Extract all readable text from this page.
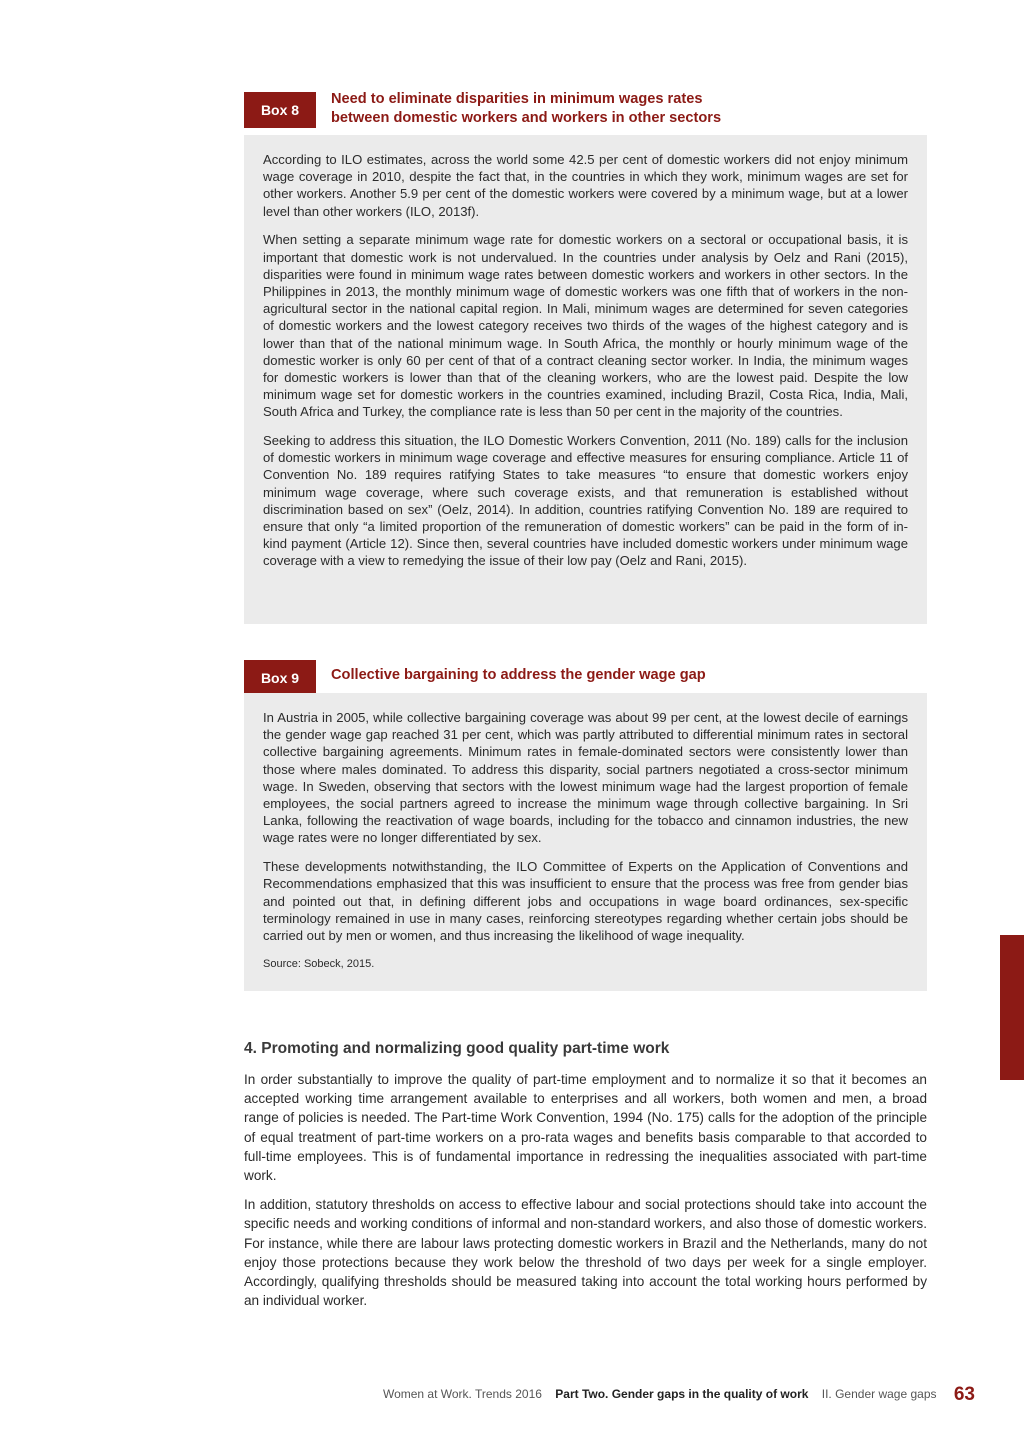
Box 8
Need to eliminate disparities in minimum wages rates
between domestic workers and workers in other sectors

According to ILO estimates, across the world some 42.5 per cent of domestic workers did not enjoy minimum wage coverage in 2010, despite the fact that, in the countries in which they work, minimum wages are set for other workers. Another 5.9 per cent of the domestic workers were covered by a minimum wage, but at a lower level than other workers (ILO, 2013f).

When setting a separate minimum wage rate for domestic workers on a sectoral or occupational basis, it is important that domestic work is not undervalued. In the countries under analysis by Oelz and Rani (2015), disparities were found in minimum wage rates between domestic workers and workers in other sectors. In the Philippines in 2013, the monthly minimum wage of domestic workers was one fifth that of workers in the non-agricultural sector in the national capital region. In Mali, minimum wages are determined for seven categories of domestic workers and the lowest category receives two thirds of the wages of the highest category and is lower than that of the national minimum wage. In South Africa, the monthly or hourly minimum wage of the domestic worker is only 60 per cent of that of a contract cleaning sector worker. In India, the minimum wages for domestic workers is lower than that of the cleaning workers, who are the lowest paid. Despite the low minimum wage set for domestic workers in the countries examined, including Brazil, Costa Rica, India, Mali, South Africa and Turkey, the compliance rate is less than 50 per cent in the majority of the countries.

Seeking to address this situation, the ILO Domestic Workers Convention, 2011 (No. 189) calls for the inclusion of domestic workers in minimum wage coverage and effective measures for ensuring compliance. Article 11 of Convention No. 189 requires ratifying States to take measures “to ensure that domestic workers enjoy minimum wage coverage, where such coverage exists, and that remuneration is established without discrimination based on sex” (Oelz, 2014). In addition, countries ratifying Convention No. 189 are required to ensure that only “a limited proportion of the remuneration of domestic workers” can be paid in the form of in-kind payment (Article 12). Since then, several countries have included domestic workers under minimum wage coverage with a view to remedying the issue of their low pay (Oelz and Rani, 2015).

Box 9	Collective bargaining to address the gender wage gap

In Austria in 2005, while collective bargaining coverage was about 99 per cent, at the lowest decile of earnings the gender wage gap reached 31 per cent, which was partly attributed to differential minimum rates in sectoral collective bargaining agreements. Minimum rates in female-dominated sectors were consistently lower than those where males dominated. To address this disparity, social partners negotiated a cross-sector minimum wage. In Sweden, observing that sectors with the lowest minimum wage had the largest proportion of female employees, the social partners agreed to increase the minimum wage through collective bargaining. In Sri Lanka, following the reactivation of wage boards, including for the tobacco and cinnamon industries, the new wage rates were no longer differentiated by sex.

These developments notwithstanding, the ILO Committee of Experts on the Application of Conventions and Recommendations emphasized that this was insufficient to ensure that the process was free from gender bias and pointed out that, in defining different jobs and occupations in wage board ordinances, sex-specific terminology remained in use in many cases, reinforcing stereotypes regarding whether certain jobs should be carried out by men or women, and thus increasing the likelihood of wage inequality.

Source: Sobeck, 2015.

4. Promoting and normalizing good quality part-time work

In order substantially to improve the quality of part-time employment and to normalize it so that it becomes an accepted working time arrangement available to enterprises and all workers, both women and men, a broad range of policies is needed. The Part-time Work Convention, 1994 (No. 175) calls for the adoption of the principle of equal treatment of part-time workers on a pro-rata wages and benefits basis comparable to that accorded to full-time employees. This is of fundamental importance in redressing the inequalities associated with part-time work.

In addition, statutory thresholds on access to effective labour and social protections should take into account the specific needs and working conditions of informal and non-standard workers, and also those of domestic workers. For instance, while there are labour laws protecting domestic workers in Brazil and the Netherlands, many do not enjoy those protections because they work below the threshold of two days per week for a single employer. Accordingly, qualifying thresholds should be measured taking into account the total working hours performed by an individual worker.

Women at Work. Trends 2016 Part Two. Gender gaps in the quality of work II. Gender wage gaps 63
